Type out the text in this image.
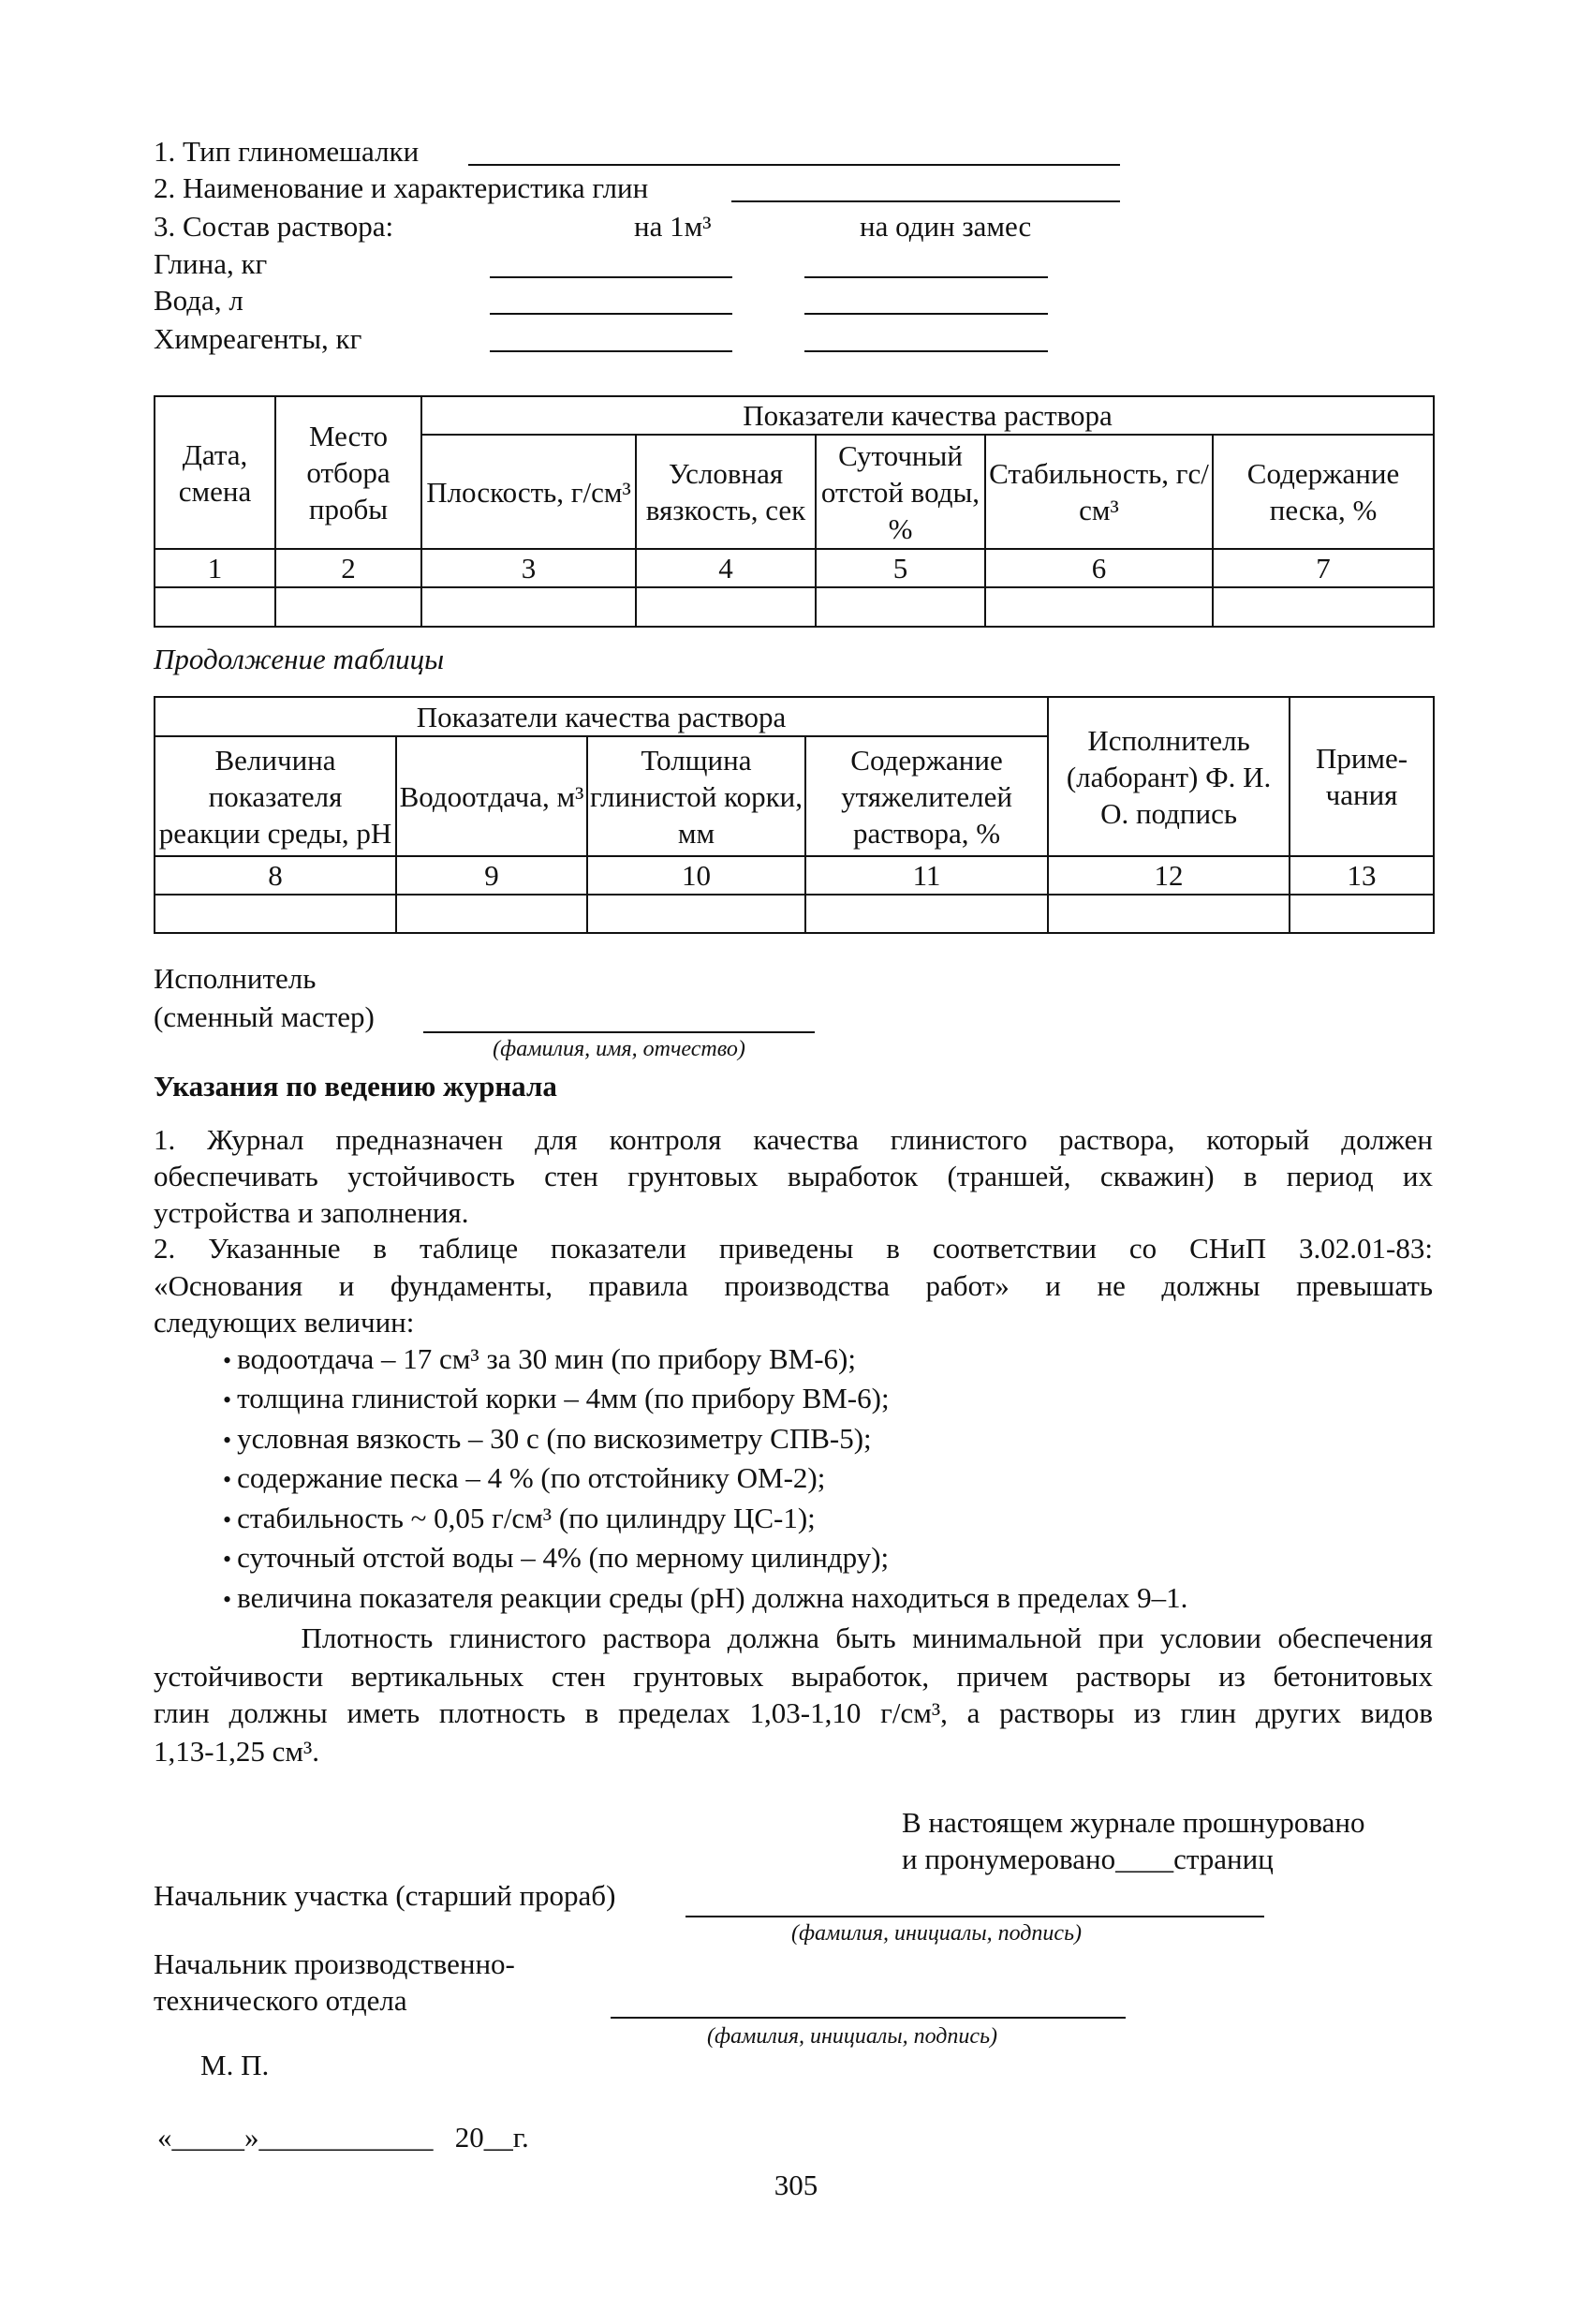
1. Тип глиномешалки
2. Наименование и характеристика глин
3. Состав раствора:	на 1м³	на один замес
Глина, кг
Вода, л
Химреагенты, кг
Дата, смена	Место отбора пробы	Показатели качества раствора				
		Плоскость, г/см³	Условная вязкость, сек	Суточный отстой воды, %	Стабильность, гс/см³	Содержание песка, %
1	2	3	4	5	6	7

Продолжение таблицы
Показатели качества раствора				Исполнитель (лаборант) Ф. И. О. подпись	Приме-чания
Величина показателя реакции среды, pH	Водоотдача, м³	Толщина глинистой корки, мм	Содержание утяжелителей раствора, %		
8	9	10	11	12	13

Исполнитель
(сменный мастер)
(фамилия, имя, отчество)
Указания по ведению журнала
1. Журнал предназначен для контроля качества глинистого раствора, который должен
обеспечивать устойчивость стен грунтовых выработок (траншей, скважин) в период их
устройства и заполнения.
2. Указанные в таблице показатели приведены в соответствии со СНиП 3.02.01-83:
«Основания и фундаменты, правила производства работ» и не должны превышать
следующих величин:
• водоотдача – 17 см³ за 30 мин (по прибору ВМ-6);
• толщина глинистой корки – 4мм (по прибору ВМ-6);
• условная вязкость – 30 с (по вискозиметру СПВ-5);
• содержание песка – 4 % (по отстойнику ОМ-2);
• стабильность ~ 0,05 г/см³ (по цилиндру ЦС-1);
• суточный отстой воды – 4% (по мерному цилиндру);
• величина показателя реакции среды (pH) должна находиться в пределах 9–1.
Плотность глинистого раствора должна быть минимальной при условии обеспечения
устойчивости вертикальных стен грунтовых выработок, причем растворы из бетонитовых
глин должны иметь плотность в пределах 1,03-1,10 г/см³, а растворы из глин других видов
1,13-1,25 см³.
В настоящем журнале прошнуровано
и пронумеровано____страниц
Начальник участка (старший прораб)
(фамилия, инициалы, подпись)
Начальник производственно-
технического отдела
(фамилия, инициалы, подпись)
М. П.
«_____»____________   20__г.
305
